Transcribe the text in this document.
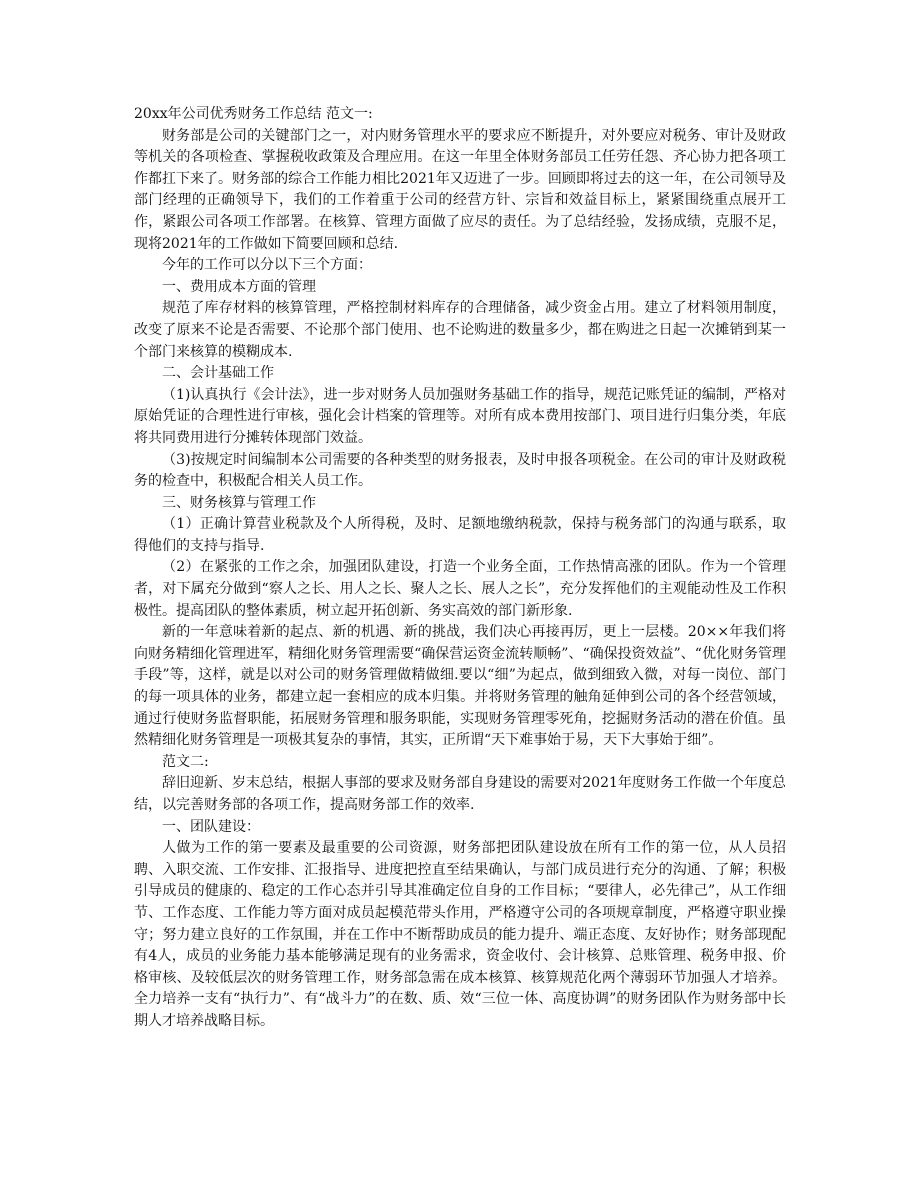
20xx年公司优秀财务工作总结 范文一:

财务部是公司的关键部门之一，对内财务管理水平的要求应不断提升，对外要应对税务、审计及财政等机关的各项检查、掌握税收政策及合理应用。在这一年里全体财务部员工任劳任怨、齐心协力把各项工作都扛下来了。财务部的综合工作能力相比2021年又迈进了一步。回顾即将过去的这一年，在公司领导及部门经理的正确领导下，我们的工作着重于公司的经营方针、宗旨和效益目标上，紧紧围绕重点展开工作，紧跟公司各项工作部署。在核算、管理方面做了应尽的责任。为了总结经验，发扬成绩，克服不足，现将2021年的工作做如下简要回顾和总结.

今年的工作可以分以下三个方面：

一、费用成本方面的管理

规范了库存材料的核算管理，严格控制材料库存的合理储备，减少资金占用。建立了材料领用制度，改变了原来不论是否需要、不论那个部门使用、也不论购进的数量多少，都在购进之日起一次摊销到某一个部门来核算的模糊成本.

二、会计基础工作

（1)认真执行《会计法》，进一步对财务人员加强财务基础工作的指导，规范记账凭证的编制，严格对原始凭证的合理性进行审核，强化会计档案的管理等。对所有成本费用按部门、项目进行归集分类，年底将共同费用进行分摊转体现部门效益。

（3)按规定时间编制本公司需要的各种类型的财务报表，及时申报各项税金。在公司的审计及财政税务的检查中，积极配合相关人员工作。

三、财务核算与管理工作

（1）正确计算营业税款及个人所得税，及时、足额地缴纳税款，保持与税务部门的沟通与联系，取得他们的支持与指导.

（2）在紧张的工作之余，加强团队建设，打造一个业务全面，工作热情高涨的团队。作为一个管理者，对下属充分做到“察人之长、用人之长、聚人之长、展人之长”，充分发挥他们的主观能动性及工作积极性。提高团队的整体素质，树立起开拓创新、务实高效的部门新形象.

新的一年意味着新的起点、新的机遇、新的挑战，我们决心再接再厉，更上一层楼。20××年我们将向财务精细化管理进军，精细化财务管理需要“确保营运资金流转顺畅”、“确保投资效益”、“优化财务管理手段”等，这样，就是以对公司的财务管理做精做细.要以“细”为起点，做到细致入微，对每一岗位、部门的每一项具体的业务，都建立起一套相应的成本归集。并将财务管理的触角延伸到公司的各个经营领域，通过行使财务监督职能，拓展财务管理和服务职能，实现财务管理零死角，挖掘财务活动的潜在价值。虽然精细化财务管理是一项极其复杂的事情，其实，正所谓“天下难事始于易，天下大事始于细”。

范文二:

辞旧迎新、岁末总结，根据人事部的要求及财务部自身建设的需要对2021年度财务工作做一个年度总结，以完善财务部的各项工作，提高财务部工作的效率.

一、团队建设：

人做为工作的第一要素及最重要的公司资源，财务部把团队建设放在所有工作的第一位，从人员招聘、入职交流、工作安排、汇报指导、进度把控直至结果确认，与部门成员进行充分的沟通、了解；积极引导成员的健康的、稳定的工作心态并引导其准确定位自身的工作目标；“要律人，必先律己”，从工作细节、工作态度、工作能力等方面对成员起模范带头作用，严格遵守公司的各项规章制度，严格遵守职业操守；努力建立良好的工作氛围，并在工作中不断帮助成员的能力提升、端正态度、友好协作；财务部现配有4人，成员的业务能力基本能够满足现有的业务需求，资金收付、会计核算、总账管理、税务申报、价格审核、及较低层次的财务管理工作，财务部急需在成本核算、核算规范化两个薄弱环节加强人才培养。全力培养一支有“执行力”、有“战斗力”的在数、质、效“三位一体、高度协调”的财务团队作为财务部中长期人才培养战略目标。
